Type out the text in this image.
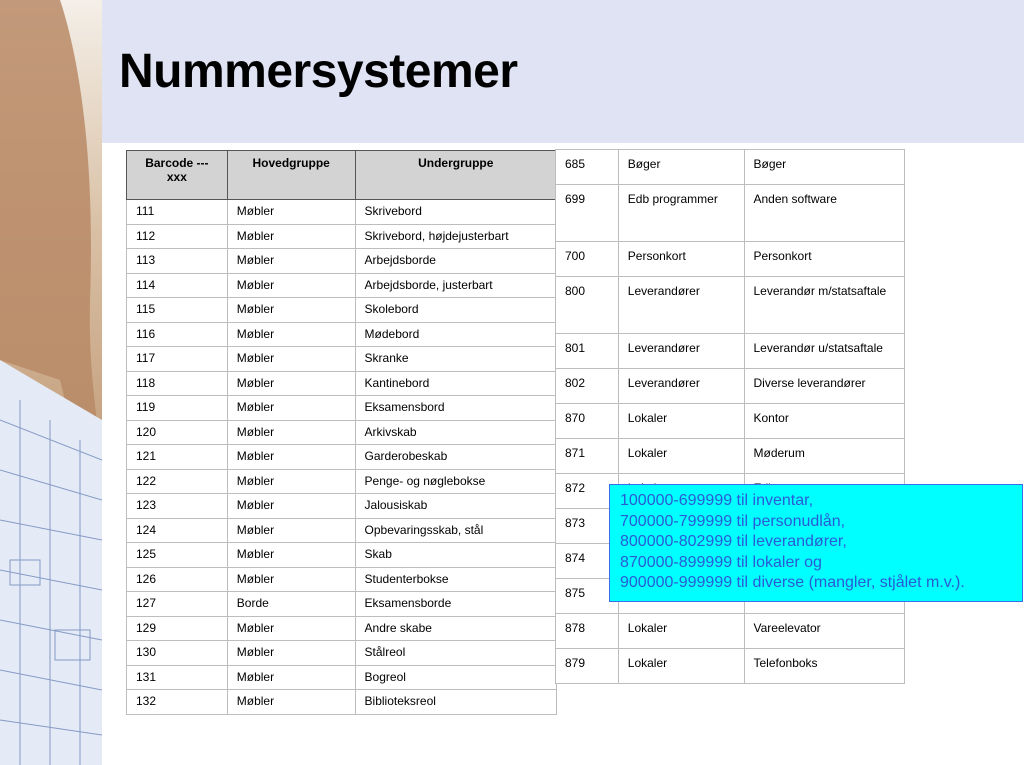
Nummersystemer
Barcode ---
xxx	Hovedgruppe	Undergruppe
111	Møbler	Skrivebord
112	Møbler	Skrivebord, højdejusterbart
113	Møbler	Arbejdsborde
114	Møbler	Arbejdsborde, justerbart
115	Møbler	Skolebord
116	Møbler	Mødebord
117	Møbler	Skranke
118	Møbler	Kantinebord
119	Møbler	Eksamensbord
120	Møbler	Arkivskab
121	Møbler	Garderobeskab
122	Møbler	Penge- og nøglebokse
123	Møbler	Jalousiskab
124	Møbler	Opbevaringsskab, stål
125	Møbler	Skab
126	Møbler	Studenterbokse
127	Borde	Eksamensborde
129	Møbler	Andre skabe
130	Møbler	Stålreol
131	Møbler	Bogreol
132	Møbler	Biblioteksreol
685	Bøger	Bøger
699	Edb programmer	Anden software
700	Personkort	Personkort
800	Leverandører	Leverandør m/statsaftale
801	Leverandører	Leverandør u/statsaftale
802	Leverandører	Diverse leverandører
870	Lokaler	Kontor
871	Lokaler	Møderum
872		
873		
874		
875		
878	Lokaler	Vareelevator
879	Lokaler	Telefonboks
100000-699999 til inventar,
700000-799999 til personudlån,
800000-802999 til leverandører,
870000-899999 til lokaler og
900000-999999 til diverse (mangler, stjålet m.v.).
